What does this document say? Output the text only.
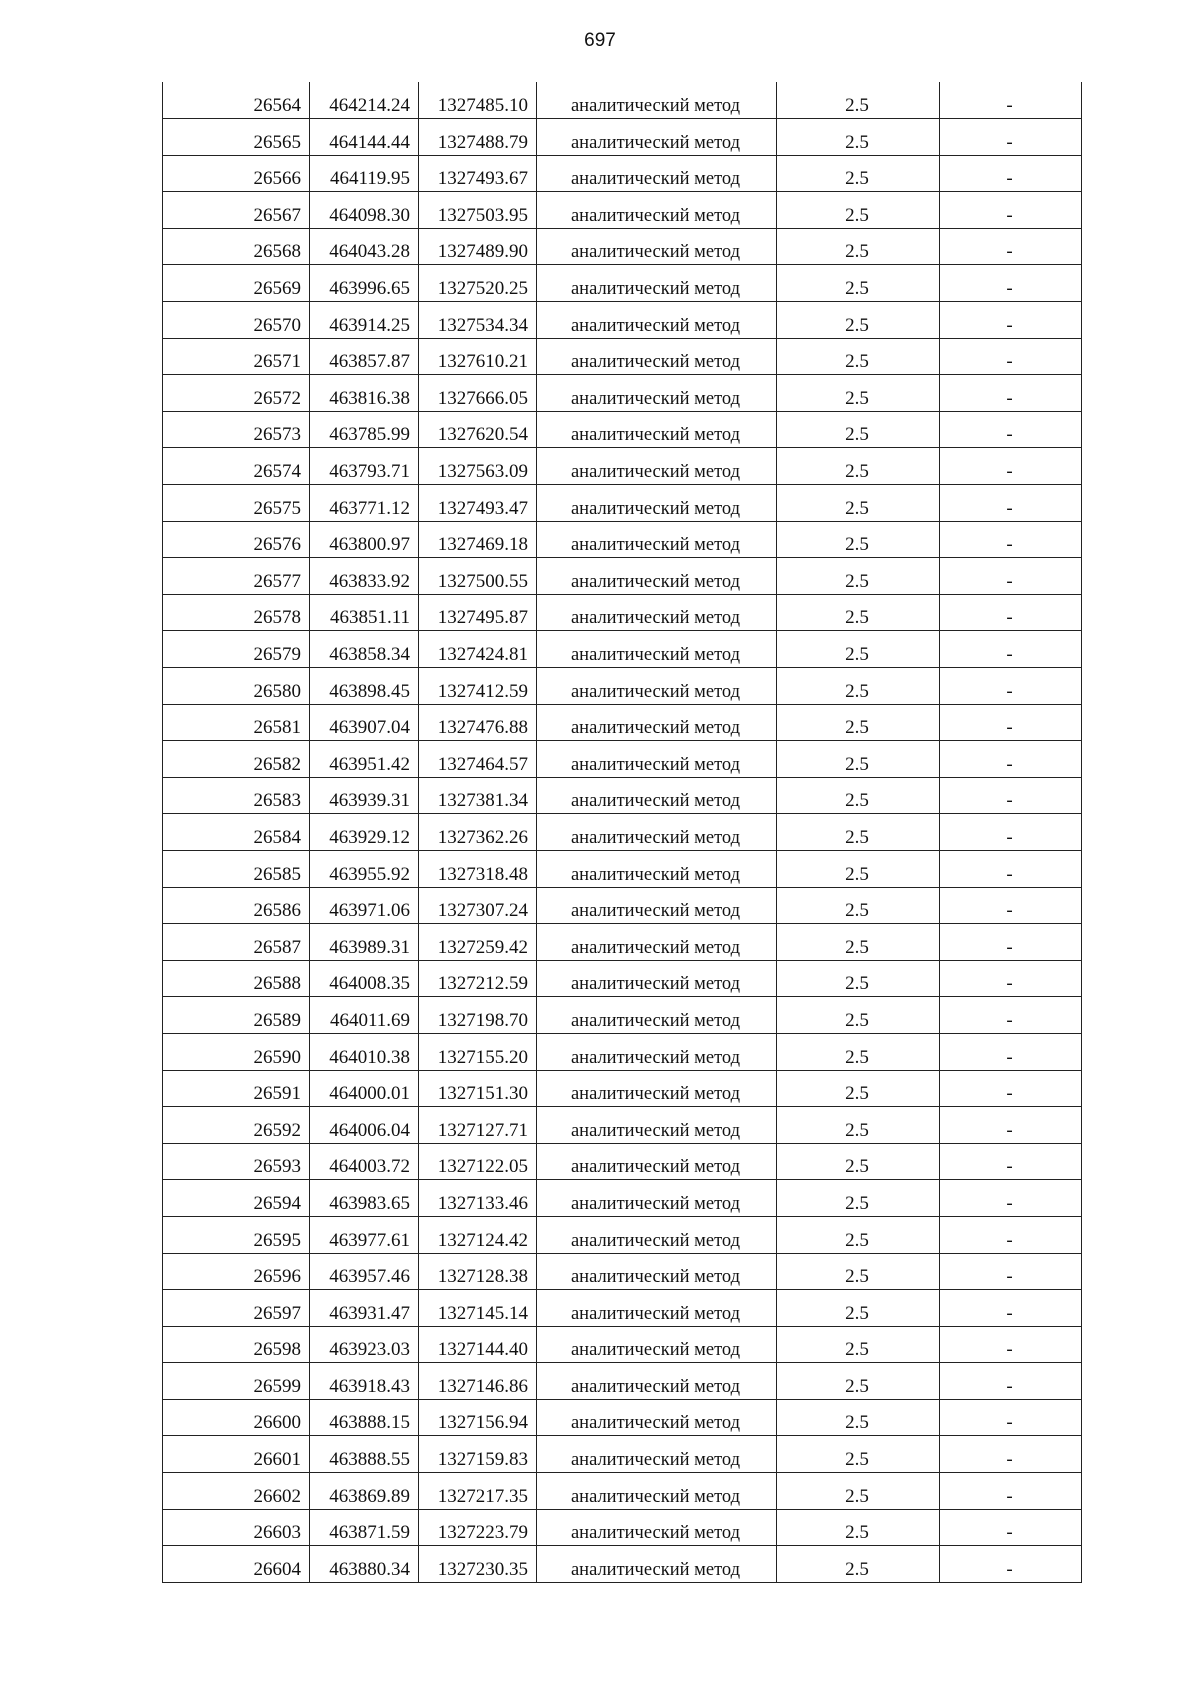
697
26564	464214.24	1327485.10	аналитический метод	2.5	-
26565	464144.44	1327488.79	аналитический метод	2.5	-
26566	464119.95	1327493.67	аналитический метод	2.5	-
26567	464098.30	1327503.95	аналитический метод	2.5	-
26568	464043.28	1327489.90	аналитический метод	2.5	-
26569	463996.65	1327520.25	аналитический метод	2.5	-
26570	463914.25	1327534.34	аналитический метод	2.5	-
26571	463857.87	1327610.21	аналитический метод	2.5	-
26572	463816.38	1327666.05	аналитический метод	2.5	-
26573	463785.99	1327620.54	аналитический метод	2.5	-
26574	463793.71	1327563.09	аналитический метод	2.5	-
26575	463771.12	1327493.47	аналитический метод	2.5	-
26576	463800.97	1327469.18	аналитический метод	2.5	-
26577	463833.92	1327500.55	аналитический метод	2.5	-
26578	463851.11	1327495.87	аналитический метод	2.5	-
26579	463858.34	1327424.81	аналитический метод	2.5	-
26580	463898.45	1327412.59	аналитический метод	2.5	-
26581	463907.04	1327476.88	аналитический метод	2.5	-
26582	463951.42	1327464.57	аналитический метод	2.5	-
26583	463939.31	1327381.34	аналитический метод	2.5	-
26584	463929.12	1327362.26	аналитический метод	2.5	-
26585	463955.92	1327318.48	аналитический метод	2.5	-
26586	463971.06	1327307.24	аналитический метод	2.5	-
26587	463989.31	1327259.42	аналитический метод	2.5	-
26588	464008.35	1327212.59	аналитический метод	2.5	-
26589	464011.69	1327198.70	аналитический метод	2.5	-
26590	464010.38	1327155.20	аналитический метод	2.5	-
26591	464000.01	1327151.30	аналитический метод	2.5	-
26592	464006.04	1327127.71	аналитический метод	2.5	-
26593	464003.72	1327122.05	аналитический метод	2.5	-
26594	463983.65	1327133.46	аналитический метод	2.5	-
26595	463977.61	1327124.42	аналитический метод	2.5	-
26596	463957.46	1327128.38	аналитический метод	2.5	-
26597	463931.47	1327145.14	аналитический метод	2.5	-
26598	463923.03	1327144.40	аналитический метод	2.5	-
26599	463918.43	1327146.86	аналитический метод	2.5	-
26600	463888.15	1327156.94	аналитический метод	2.5	-
26601	463888.55	1327159.83	аналитический метод	2.5	-
26602	463869.89	1327217.35	аналитический метод	2.5	-
26603	463871.59	1327223.79	аналитический метод	2.5	-
26604	463880.34	1327230.35	аналитический метод	2.5	-
